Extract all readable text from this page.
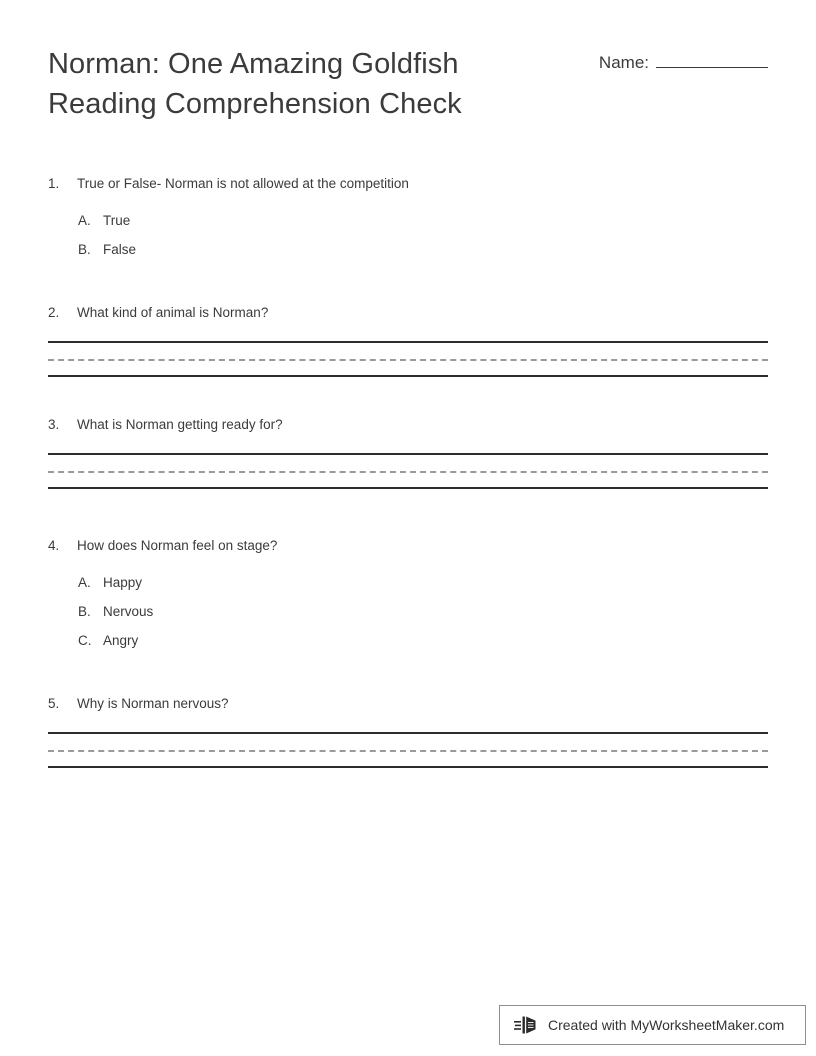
Norman: One Amazing Goldfish
Reading Comprehension Check
Name:
1.	True or False- Norman is not allowed at the competition
A. True
B. False
2.	What kind of animal is Norman?
3.	What is Norman getting ready for?
4.	How does Norman feel on stage?
A. Happy
B. Nervous
C. Angry
5.	Why is Norman nervous?
Created with MyWorksheetMaker.com
